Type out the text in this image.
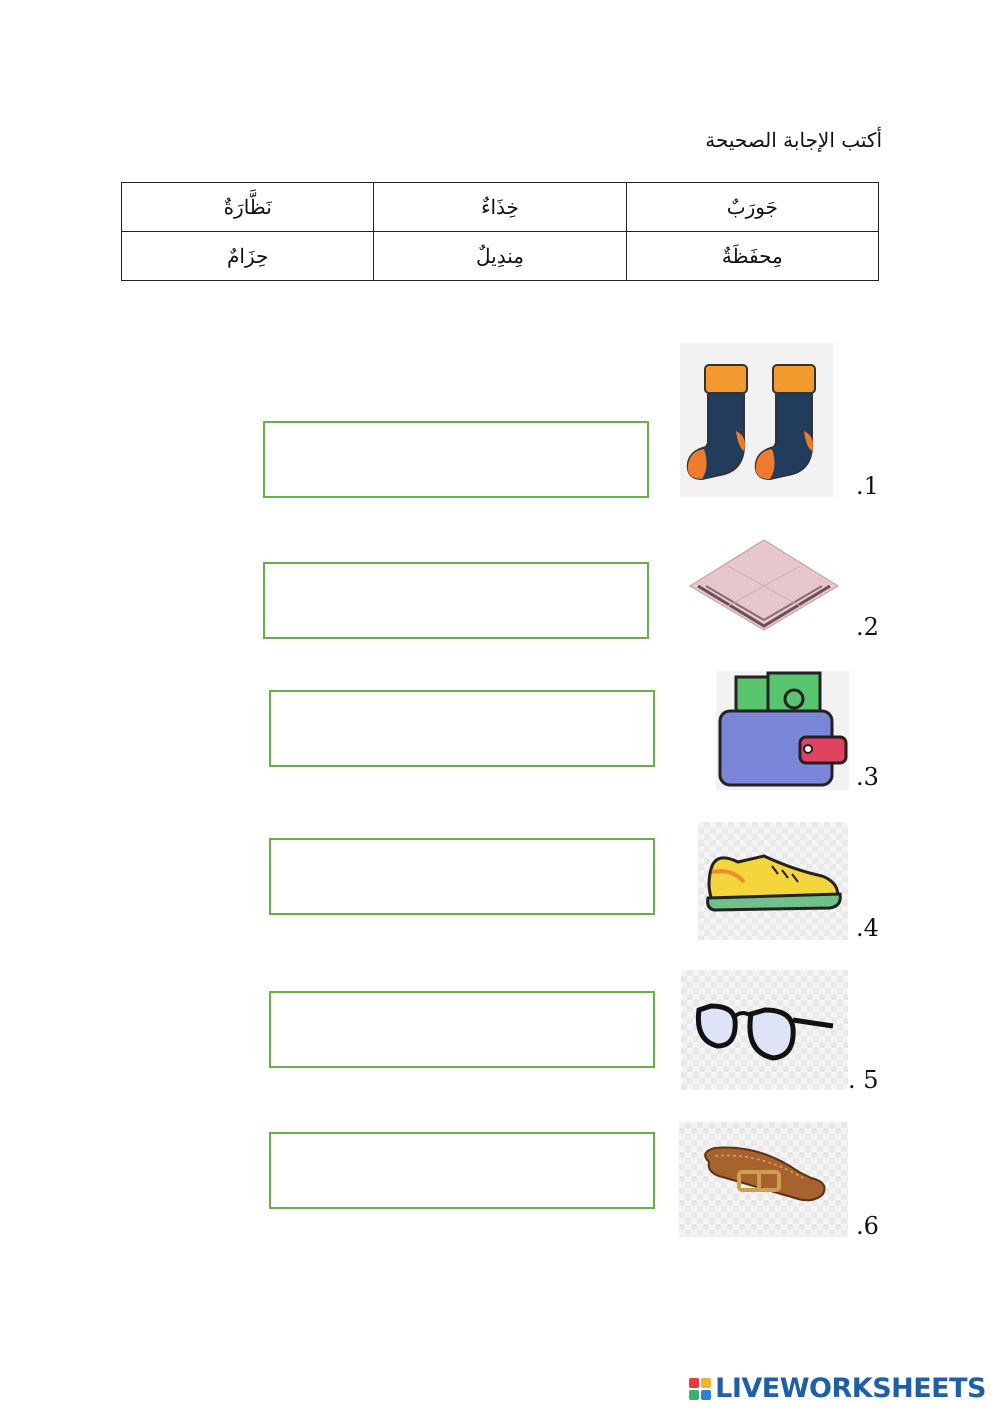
أكتب الإجابة الصحيحة
جَورَبٌ	خِذَاءٌ	نَظَّارَةٌ
مِحفَظَةٌ	مِندِيلٌ	حِزَامٌ
.1
.2
.3
.4
. 5
.6
LIVEWORKSHEETS
